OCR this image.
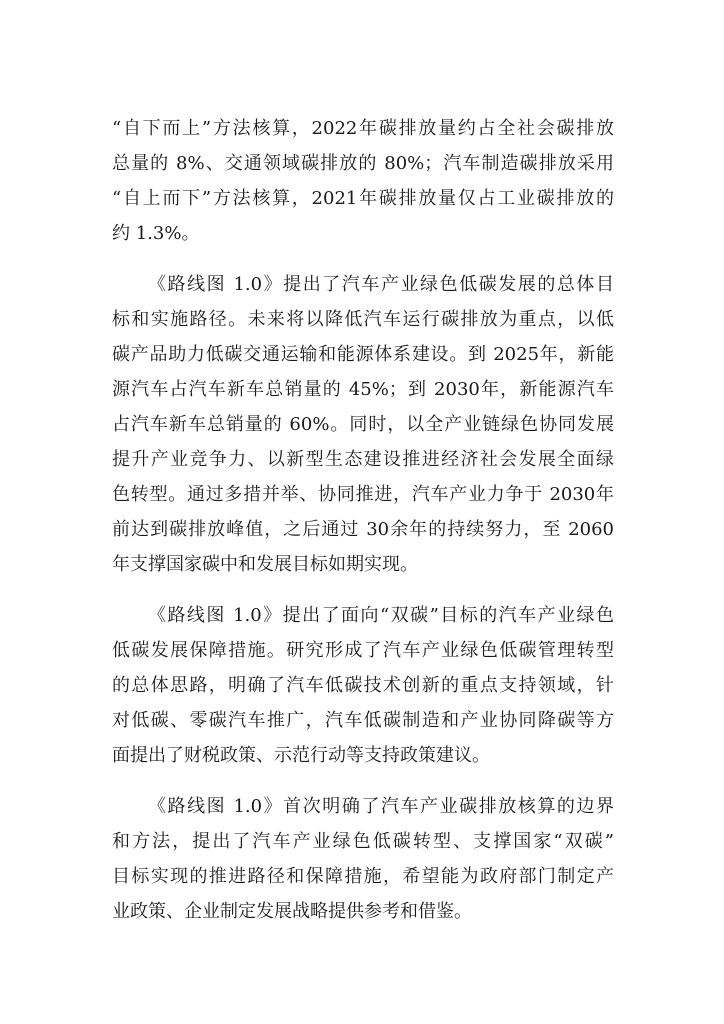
“自下而上”方法核算，2022年碳排放量约占全社会碳排放

总量的 8%、交通领域碳排放的 80%；汽车制造碳排放采用

“自上而下”方法核算，2021年碳排放量仅占工业碳排放的

约 1.3%。

《路线图 1.0》提出了汽车产业绿色低碳发展的总体目

标和实施路径。未来将以降低汽车运行碳排放为重点，以低

碳产品助力低碳交通运输和能源体系建设。到 2025年，新能

源汽车占汽车新车总销量的 45%；到 2030年，新能源汽车

占汽车新车总销量的 60%。同时，以全产业链绿色协同发展

提升产业竞争力、以新型生态建设推进经济社会发展全面绿

色转型。通过多措并举、协同推进，汽车产业力争于 2030年

前达到碳排放峰值，之后通过 30余年的持续努力，至 2060

年支撑国家碳中和发展目标如期实现。

《路线图 1.0》提出了面向“双碳”目标的汽车产业绿色

低碳发展保障措施。研究形成了汽车产业绿色低碳管理转型

的总体思路，明确了汽车低碳技术创新的重点支持领域，针

对低碳、零碳汽车推广，汽车低碳制造和产业协同降碳等方

面提出了财税政策、示范行动等支持政策建议。

《路线图 1.0》首次明确了汽车产业碳排放核算的边界

和方法，提出了汽车产业绿色低碳转型、支撑国家“双碳”

目标实现的推进路径和保障措施，希望能为政府部门制定产

业政策、企业制定发展战略提供参考和借鉴。
